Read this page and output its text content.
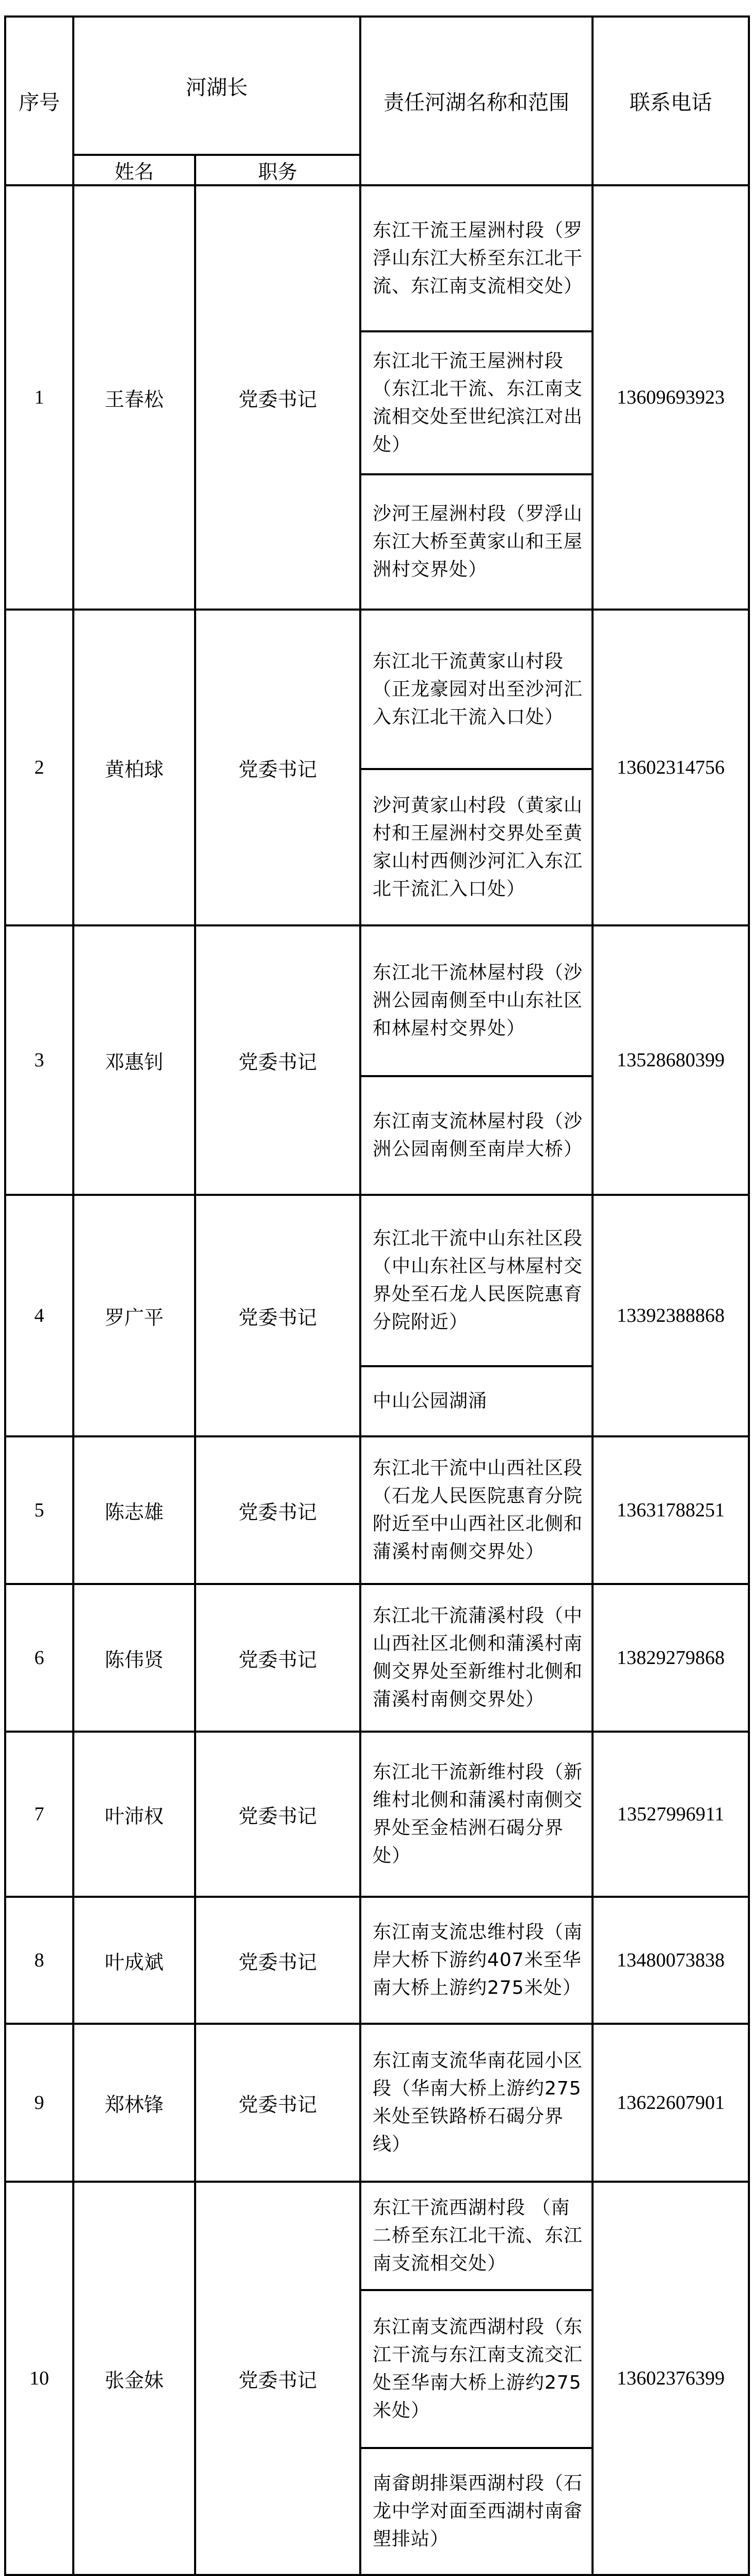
序号	河湖长		责任河湖名称和范围	联系电话
	姓名	职务		
1	王春松	党委书记	东江干流王屋洲村段（罗浮山东江大桥至东江北干流、东江南支流相交处）	13609693923
			东江北干流王屋洲村段（东江北干流、东江南支流相交处至世纪滨江对出处）	
			沙河王屋洲村段（罗浮山东江大桥至黄家山和王屋洲村交界处）	
2	黄柏球	党委书记	东江北干流黄家山村段（正龙豪园对出至沙河汇入东江北干流入口处）	13602314756
			沙河黄家山村段（黄家山村和王屋洲村交界处至黄家山村西侧沙河汇入东江北干流汇入口处）	
3	邓惠钊	党委书记	东江北干流林屋村段（沙洲公园南侧至中山东社区和林屋村交界处）	13528680399
			东江南支流林屋村段（沙洲公园南侧至南岸大桥）	
4	罗广平	党委书记	东江北干流中山东社区段（中山东社区与林屋村交界处至石龙人民医院惠育分院附近）	13392388868
			中山公园湖涌	
5	陈志雄	党委书记	东江北干流中山西社区段（石龙人民医院惠育分院附近至中山西社区北侧和蒲溪村南侧交界处）	13631788251
6	陈伟贤	党委书记	东江北干流蒲溪村段（中山西社区北侧和蒲溪村南侧交界处至新维村北侧和蒲溪村南侧交界处）	13829279868
7	叶沛权	党委书记	东江北干流新维村段（新维村北侧和蒲溪村南侧交界处至金桔洲石碣分界处）	13527996911
8	叶成斌	党委书记	东江南支流忠维村段（南岸大桥下游约407米至华南大桥上游约275米处）	13480073838
9	郑林锋	党委书记	东江南支流华南花园小区段（华南大桥上游约275米处至铁路桥石碣分界线）	13622607901
10	张金妹	党委书记	东江干流西湖村段 （南二桥至东江北干流、东江南支流相交处）	13602376399
			东江南支流西湖村段（东江干流与东江南支流交汇处至华南大桥上游约275米处）	
			南畲朗排渠西湖村段（石龙中学对面至西湖村南畲塱排站）	
